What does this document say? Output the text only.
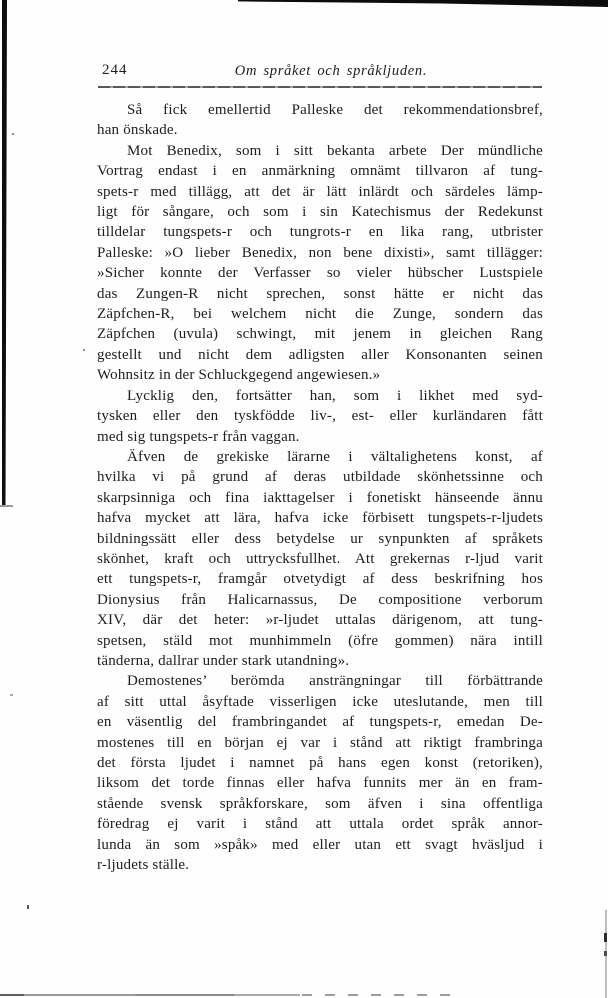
244	Om språket och språkljuden.
Så fick emellertid Palleske det rekommendationsbref,
han önskade.
Mot Benedix, som i sitt bekanta arbete Der mündliche
Vortrag endast i en anmärkning omnämt tillvaron af tung-
spets-r med tillägg, att det är lätt inlärdt och särdeles lämp-
ligt för sångare, och som i sin Katechismus der Redekunst
tilldelar tungspets-r och tungrots-r en lika rang, utbrister
Palleske: »O lieber Benedix, non bene dixisti», samt tillägger:
»Sicher konnte der Verfasser so vieler hübscher Lustspiele
das Zungen-R nicht sprechen, sonst hätte er nicht das
Zäpfchen-R, bei welchem nicht die Zunge, sondern das
Zäpfchen (uvula) schwingt, mit jenem in gleichen Rang
gestellt und nicht dem adligsten aller Konsonanten seinen
Wohnsitz in der Schluckgegend angewiesen.»
Lycklig den, fortsätter han, som i likhet med syd-
tysken eller den tyskfödde liv-, est- eller kurländaren fått
med sig tungspets-r från vaggan.
Äfven de grekiske lärarne i vältalighetens konst, af
hvilka vi på grund af deras utbildade skönhetssinne och
skarpsinniga och fina iakttagelser i fonetiskt hänseende ännu
hafva mycket att lära, hafva icke förbisett tungspets-r-ljudets
bildningssätt eller dess betydelse ur synpunkten af språkets
skönhet, kraft och uttrycksfullhet. Att grekernas r-ljud varit
ett tungspets-r, framgår otvetydigt af dess beskrifning hos
Dionysius från Halicarnassus, De compositione verborum
XIV, där det heter: »r-ljudet uttalas därigenom, att tung-
spetsen, stäld mot munhimmeln (öfre gommen) nära intill
tänderna, dallrar under stark utandning».
Demostenes’ berömda ansträngningar till förbättrande
af sitt uttal åsyftade visserligen icke uteslutande, men till
en väsentlig del frambringandet af tungspets-r, emedan De-
mostenes till en början ej var i stånd att riktigt frambringa
det första ljudet i namnet på hans egen konst (retoriken),
liksom det torde finnas eller hafva funnits mer än en fram-
stående svensk språkforskare, som äfven i sina offentliga
föredrag ej varit i stånd att uttala ordet språk annor-
lunda än som »spåk» med eller utan ett svagt hväsljud i
r-ljudets ställe.
